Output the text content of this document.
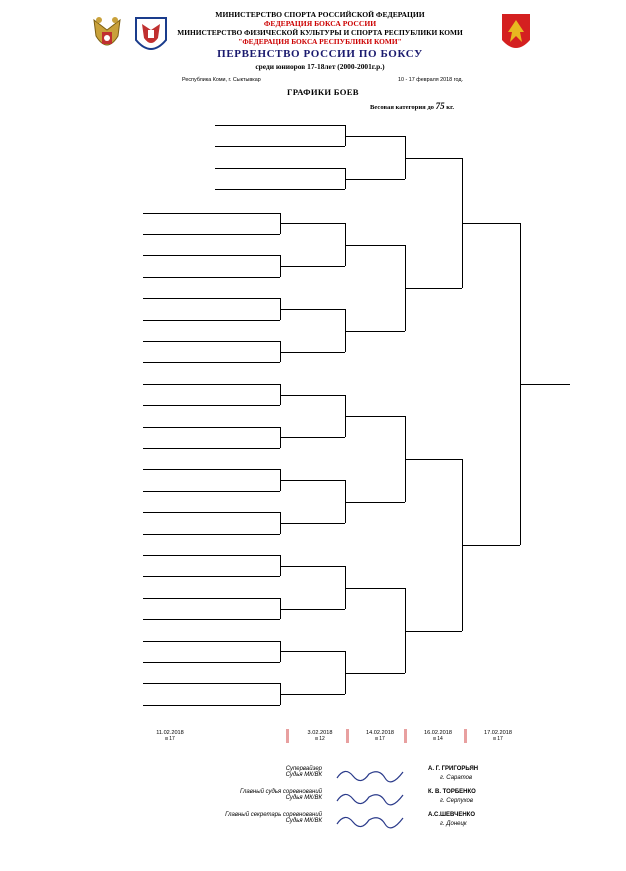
МИНИСТЕРСТВО СПОРТА РОССИЙСКОЙ ФЕДЕРАЦИИ
ФЕДЕРАЦИЯ БОКСА РОССИИ
МИНИСТЕРСТВО ФИЗИЧЕСКОЙ КУЛЬТУРЫ И СПОРТА РЕСПУБЛИКИ КОМИ
"ФЕДЕРАЦИЯ БОКСА РЕСПУБЛИКИ КОМИ"
ПЕРВЕНСТВО РОССИИ ПО БОКСУ
среди юниоров 17-18лет (2000-2001г.р.)
Республика Коми, г. Сыктывкар	10 - 17 февраля 2018 год.
ГРАФИКИ БОЕВ
Весовая категория до 75 кг.
11.02.2018
в 17
3.02.2018
в 12
14.02.2018
в 17
16.02.2018
в 14
17.02.2018
в 17
Супервайзер
Судья МК/ВК
А. Г. ГРИГОРЬЯН
г. Саратов
Главный судья соревнований
Судья МК/ВК
К. В. ТОРБЕНКО
г. Серпухов
Главный секретарь соревнований
Судья МК/ВК
А.С.ШЕВЧЕНКО
г. Донецк
